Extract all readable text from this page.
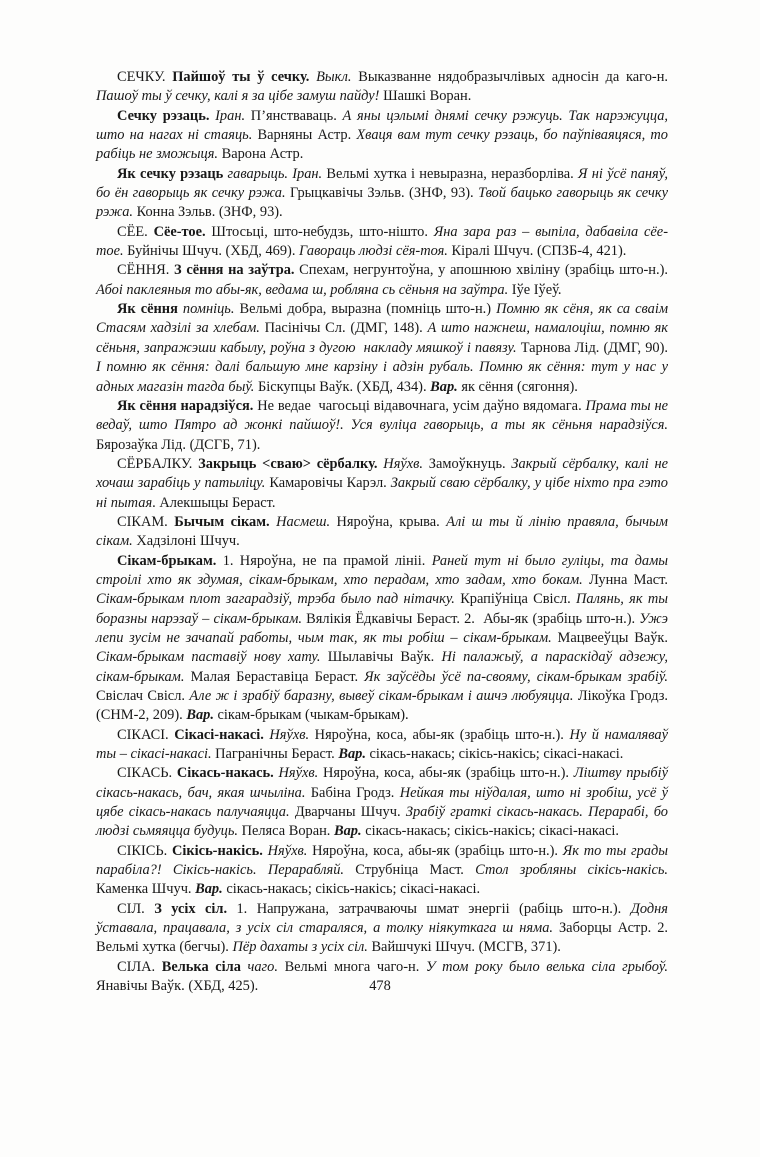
СЕЧКУ. Пайшоў ты ў сечку. Выкл. Выказванне нядобразычлівых адносін да каго-н. Пашоў ты ў сечку, калі я за цібе замуш пайду! Шашкі Воран.

Сечку рэзаць. Іран. П’янстваваць. А яны цэлымі днямі сечку рэжуць. Так нарэжуцца, што на нагах ні стаяць. Варняны Астр. Хваця вам тут сечку рэзаць, бо паўпіваяцяся, то рабіць не зможыця. Варона Астр.

Як сечку рэзаць гаварыць. Іран. Вельмі хутка і невыразна, неразборліва. Я ні ўсё паняў, бо ён гаворыць як сечку рэжа. Грыцкавічы Зэльв. (ЗНФ, 93). Твой бацько гаворыць як сечку рэжа. Конна Зэльв. (ЗНФ, 93).

СЁЕ. Сёе-тое. Штосьці, што-небудзь, што-нішто. Яна зара раз – выпіла, дабавіла сёе-тое. Буйнічы Шчуч. (ХБД, 469). Гавораць людзі сёя-тоя. Кіралі Шчуч. (СПЗБ-4, 421).

СЁННЯ. З сёння на заўтра. Спехам, негрунтоўна, у апошнюю хвіліну (зрабіць што-н.). Абоі паклеяныя то абы-як, ведама ш, робляна сь сёньня на заўтра. Іўе Іўеў.

Як сёння помніць. Вельмі добра, выразна (помніць што-н.) Помню як сёня, як са сваім Стасям хадзілі за хлебам. Пасінічы Сл. (ДМГ, 148). А што нажнеш, намалоціш, помню як сёньня, запражэши кабылу, роўна з дугою  накладу мяшкоў і павязу. Тарнова Лід. (ДМГ, 90). І помню як сёння: далі бальшую мне карзіну і адзін рубаль. Помню як сёння: тут у нас у адных магазін тагда быў. Біскупцы Ваўк. (ХБД, 434). Вар. як сёння (сягоння).

Як сёння нарадзіўся. Не ведае  чагосьці відавочнага, усім даўно вядомага. Прама ты не ведаў, што Пятро ад жонкі пайшоў!. Уся вуліца гаворыць, а ты як сёньня нарадзіўся. Бярозаўка Лід. (ДСГБ, 71).

СЁРБАЛКУ. Закрыць <сваю> сёрбалку. Няўхв. Замоўкнуць. Закрый сёрбалку, калі не хочаш зарабіць у патыліцу. Камаровічы Карэл. Закрый сваю сёрбалку, у цібе ніхто пра гэто ні пытая. Алекшыцы Бераст.

СІКАМ. Бычым сікам. Насмеш. Няроўна, крыва. Алі ш ты й лінію правяла, бычым сікам. Хадзілоні Шчуч.

Сікам-брыкам. 1. Няроўна, не па прамой лініі. Раней тут ні было гуліцы, та дамы строілі хто як здумая, сікам-брыкам, хто перадам, хто задам, хто бокам. Лунна Маст. Сікам-брыкам плот загарадзіў, трэба было пад нітачку. Крапіўніца Свісл. Палянь, як ты боразны нарэзаў – сікам-брыкам. Вялікія Ёдкавічы Бераст. 2.  Абы-як (зрабіць што-н.). Ужэ лепи зусім не зачапай работы, чым так, як ты робіш – сікам-брыкам. Мацвееўцы Ваўк. Сікам-брыкам паставіў нову хату. Шылавічы Ваўк. Ні палажыў, а параскідаў адзежу, сікам-брыкам. Малая Бераставіца Бераст. Як заўсёды ўсё па-свояму, сікам-брыкам зрабіў. Свіслач Свісл. Але ж і зрабіў баразну, вывеў сікам-брыкам і ашчэ любуяцца. Лікоўка Гродз. (СНМ-2, 209). Вар. сікам-брыкам (чыкам-брыкам).

СІКАСІ. Сікасі-накасі. Няўхв. Няроўна, коса, абы-як (зрабіць што-н.). Ну й намаляваў ты – сікасі-накасі. Пагранічны Бераст. Вар. сікась-накась; сікісь-накісь; сікасі-накасі.

СІКАСЬ. Сікась-накась. Няўхв. Няроўна, коса, абы-як (зрабіць што-н.). Ліштву прыбіў сікась-накась, бач, якая шчыліна. Бабіна Гродз. Нейкая ты ніўдалая, што ні зробіш, усё ў цябе сікась-накась палучаяцца. Дварчаны Шчуч. Зрабіў граткі сікась-накась. Перарабі, бо людзі сьмяяцца будуць. Пеляса Воран. Вар. сікась-накась; сікісь-накісь; сікасі-накасі.

СІКІСЬ. Сікісь-накісь. Няўхв. Няроўна, коса, абы-як (зрабіць што-н.). Як то ты грады парабіла?! Сікісь-накісь. Перарабляй. Струбніца Маст. Стол зробляны сікісь-накісь. Каменка Шчуч. Вар. сікась-накась; сікісь-накісь; сікасі-накасі.

СІЛ. З усіх сіл. 1. Напружана, затрачваючы шмат энергіі (рабіць што-н.). Додня ўставала, працавала, з усіх сіл стараляся, а толку ніякуткага ш няма. Заборцы Астр. 2. Вельмі хутка (бегчы). Пёр дахаты з усіх сіл. Вайшчукі Шчуч. (МСГВ, 371).

СІЛА. Велька сіла чаго. Вельмі многа чаго-н. У том року было велька сіла грыбоў. Янавічы Ваўк. (ХБД, 425).	478
